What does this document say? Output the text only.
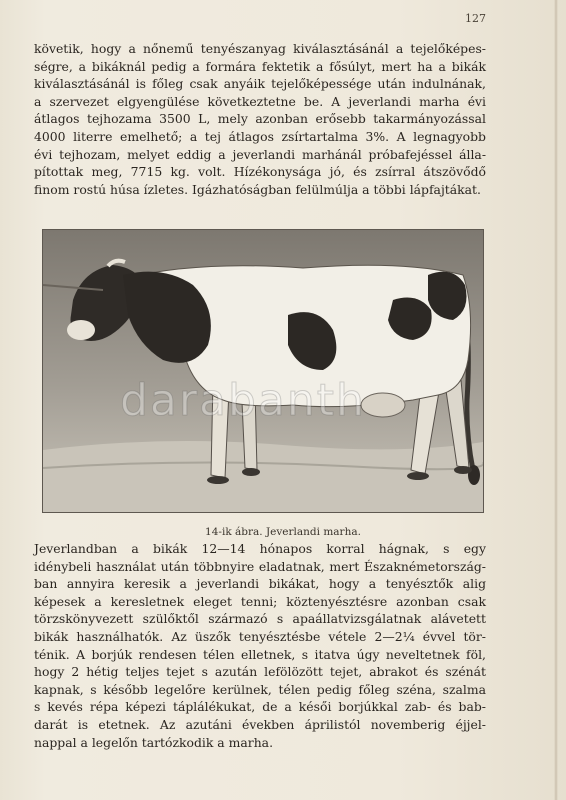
127
követik, hogy a nőnemű tenyészanyag kiválasztásánál a tejelőképes-
ségre, a bikáknál pedig a formára fektetik a fősúlyt, mert ha a bikák
kiválasztásánál is főleg csak anyáik tejelőképessége után indulnának,
a szervezet elgyengülése következtetne be. A jeverlandi marha évi
átlagos tejhozama 3500 L, mely azonban erősebb takarmányozással
4000 literre emelhető; a tej átlagos zsírtartalma 3%. A legnagyobb
évi tejhozam, melyet eddig a jeverlandi marhánál próbafejéssel álla-
pítottak meg, 7715 kg. volt. Hízékonysága jó, és zsírral átszövődő
finom rostú húsa ízletes. Igázhatóságban felülmúlja a többi lápfajtákat.
darabanth
14-ik ábra. Jeverlandi marha.
Jeverlandban a bikák 12—14 hónapos korral hágnak, s egy
idénybeli használat után többnyire eladatnak, mert Északnémetország-
ban annyira keresik a jeverlandi bikákat, hogy a tenyésztők alig
képesek a keresletnek eleget tenni; köztenyésztésre azonban csak
törzskönyvezett szülőktől származó s apaállatvizsgálatnak alávetett
bikák használhatók. Az üszők tenyésztésbe vétele 2—2¼ évvel tör-
ténik. A borjúk rendesen télen elletnek, s itatva úgy neveltetnek föl,
hogy 2 hétig teljes tejet s azután lefölözött tejet, abrakot és szénát
kapnak, s később legelőre kerülnek, télen pedig főleg széna, szalma
s kevés répa képezi táplálékukat, de a késői borjúkkal zab- és bab-
darát is etetnek. Az azutáni években áprilistól novemberig éjjel-
nappal a legelőn tartózkodik a marha.
